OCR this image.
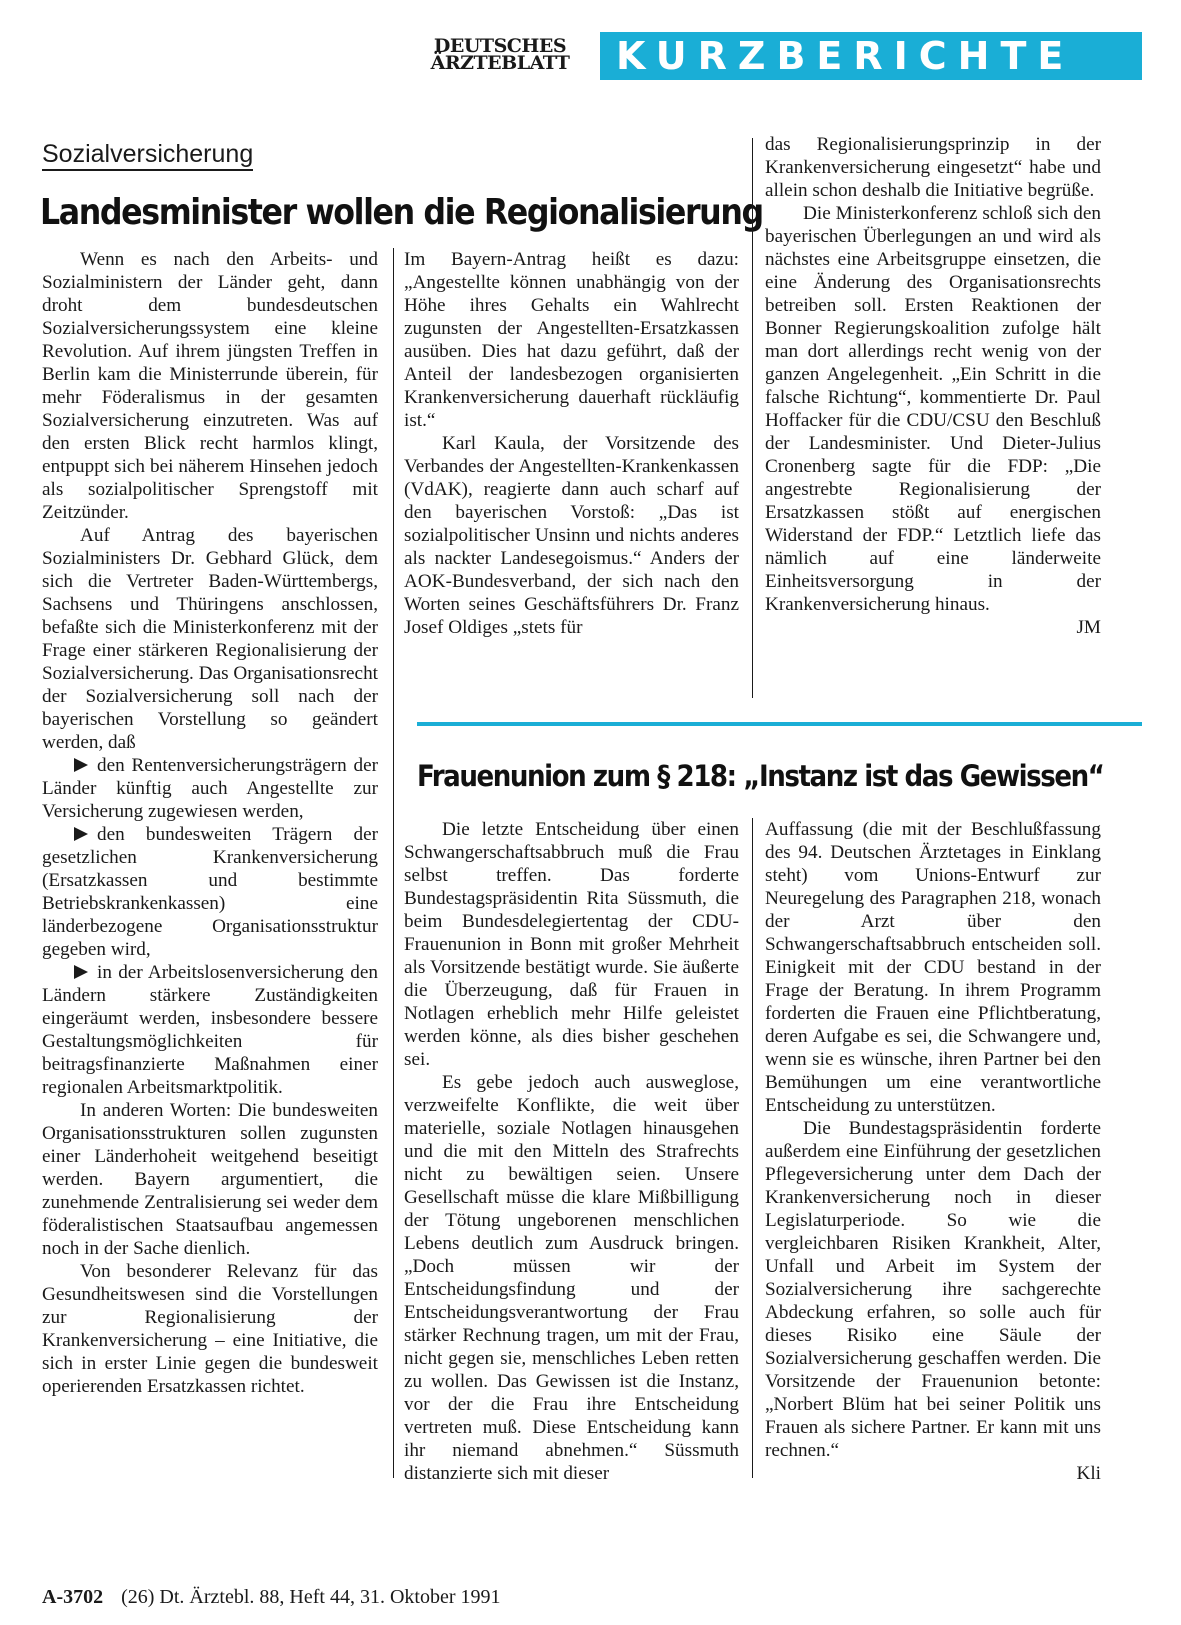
DEUTSCHES
ÄRZTEBLATT	KURZBERICHTE
Sozialversicherung
Landesminister wollen die Regionalisierung

Wenn es nach den Arbeits- und Sozialministern der Länder geht, dann droht dem bundesdeutschen Sozialversicherungssystem eine kleine Revolution. Auf ihrem jüngsten Treffen in Berlin kam die Ministerrunde überein, für mehr Föderalismus in der gesamten Sozialversicherung einzutreten. Was auf den ersten Blick recht harmlos klingt, entpuppt sich bei näherem Hinsehen jedoch als sozialpolitischer Sprengstoff mit Zeitzünder.

Auf Antrag des bayerischen Sozialministers Dr. Gebhard Glück, dem sich die Vertreter Baden-Württembergs, Sachsens und Thüringens anschlossen, befaßte sich die Ministerkonferenz mit der Frage einer stärkeren Regionalisierung der Sozialversicherung. Das Organisationsrecht der Sozialversicherung soll nach der bayerischen Vorstellung so geändert werden, daß

den Rentenversicherungsträgern der Länder künftig auch Angestellte zur Versicherung zugewiesen werden,

den bundesweiten Trägern der gesetzlichen Krankenversicherung (Ersatzkassen und bestimmte Betriebskrankenkassen) eine länderbezogene Organisationsstruktur gegeben wird,

in der Arbeitslosenversicherung den Ländern stärkere Zuständigkeiten eingeräumt werden, insbesondere bessere Gestaltungsmöglichkeiten für beitragsfinanzierte Maßnahmen einer regionalen Arbeitsmarktpolitik.

In anderen Worten: Die bundesweiten Organisationsstrukturen sollen zugunsten einer Länderhoheit weitgehend beseitigt werden. Bayern argumentiert, die zunehmende Zentralisierung sei weder dem föderalistischen Staatsaufbau angemessen noch in der Sache dienlich.

Von besonderer Relevanz für das Gesundheitswesen sind die Vorstellungen zur Regionalisierung der Krankenversicherung – eine Initiative, die sich in erster Linie gegen die bundesweit operierenden Ersatzkassen richtet.

Im Bayern-Antrag heißt es dazu: „Angestellte können unabhängig von der Höhe ihres Gehalts ein Wahlrecht zugunsten der Angestellten-Ersatzkassen ausüben. Dies hat dazu geführt, daß der Anteil der landesbezogen organisierten Krankenversicherung dauerhaft rückläufig ist.“

Karl Kaula, der Vorsitzende des Verbandes der Angestellten-Krankenkassen (VdAK), reagierte dann auch scharf auf den bayerischen Vorstoß: „Das ist sozialpolitischer Unsinn und nichts anderes als nackter Landesegoismus.“ Anders der AOK-Bundesverband, der sich nach den Worten seines Geschäftsführers Dr. Franz Josef Oldiges „stets für

das Regionalisierungsprinzip in der Krankenversicherung eingesetzt“ habe und allein schon deshalb die Initiative begrüße.

Die Ministerkonferenz schloß sich den bayerischen Überlegungen an und wird als nächstes eine Arbeitsgruppe einsetzen, die eine Änderung des Organisationsrechts betreiben soll. Ersten Reaktionen der Bonner Regierungskoalition zufolge hält man dort allerdings recht wenig von der ganzen Angelegenheit. „Ein Schritt in die falsche Richtung“, kommentierte Dr. Paul Hoffacker für die CDU/CSU den Beschluß der Landesminister. Und Dieter-Julius Cronenberg sagte für die FDP: „Die angestrebte Regionalisierung der Ersatzkassen stößt auf energischen Widerstand der FDP.“ Letztlich liefe das nämlich auf eine länderweite Einheitsversorgung in der Krankenversicherung hinaus.

JM

Frauenunion zum § 218: „Instanz ist das Gewissen“

Die letzte Entscheidung über einen Schwangerschaftsabbruch muß die Frau selbst treffen. Das forderte Bundestagspräsidentin Rita Süssmuth, die beim Bundesdelegiertentag der CDU-Frauenunion in Bonn mit großer Mehrheit als Vorsitzende bestätigt wurde. Sie äußerte die Überzeugung, daß für Frauen in Notlagen erheblich mehr Hilfe geleistet werden könne, als dies bisher geschehen sei.

Es gebe jedoch auch ausweglose, verzweifelte Konflikte, die weit über materielle, soziale Notlagen hinausgehen und die mit den Mitteln des Strafrechts nicht zu bewältigen seien. Unsere Gesellschaft müsse die klare Mißbilligung der Tötung ungeborenen menschlichen Lebens deutlich zum Ausdruck bringen. „Doch müssen wir der Entscheidungsfindung und der Entscheidungsverantwortung der Frau stärker Rechnung tragen, um mit der Frau, nicht gegen sie, menschliches Leben retten zu wollen. Das Gewissen ist die Instanz, vor der die Frau ihre Entscheidung vertreten muß. Diese Entscheidung kann ihr niemand abnehmen.“ Süssmuth distanzierte sich mit dieser

Auffassung (die mit der Beschlußfassung des 94. Deutschen Ärztetages in Einklang steht) vom Unions-Entwurf zur Neuregelung des Paragraphen 218, wonach der Arzt über den Schwangerschaftsabbruch entscheiden soll. Einigkeit mit der CDU bestand in der Frage der Beratung. In ihrem Programm forderten die Frauen eine Pflichtberatung, deren Aufgabe es sei, die Schwangere und, wenn sie es wünsche, ihren Partner bei den Bemühungen um eine verantwortliche Entscheidung zu unterstützen.

Die Bundestagspräsidentin forderte außerdem eine Einführung der gesetzlichen Pflegeversicherung unter dem Dach der Krankenversicherung noch in dieser Legislaturperiode. So wie die vergleichbaren Risiken Krankheit, Alter, Unfall und Arbeit im System der Sozialversicherung ihre sachgerechte Abdeckung erfahren, so solle auch für dieses Risiko eine Säule der Sozialversicherung geschaffen werden. Die Vorsitzende der Frauenunion betonte: „Norbert Blüm hat bei seiner Politik uns Frauen als sichere Partner. Er kann mit uns rechnen.“

Kli

A-3702 (26) Dt. Ärztebl. 88, Heft 44, 31. Oktober 1991
